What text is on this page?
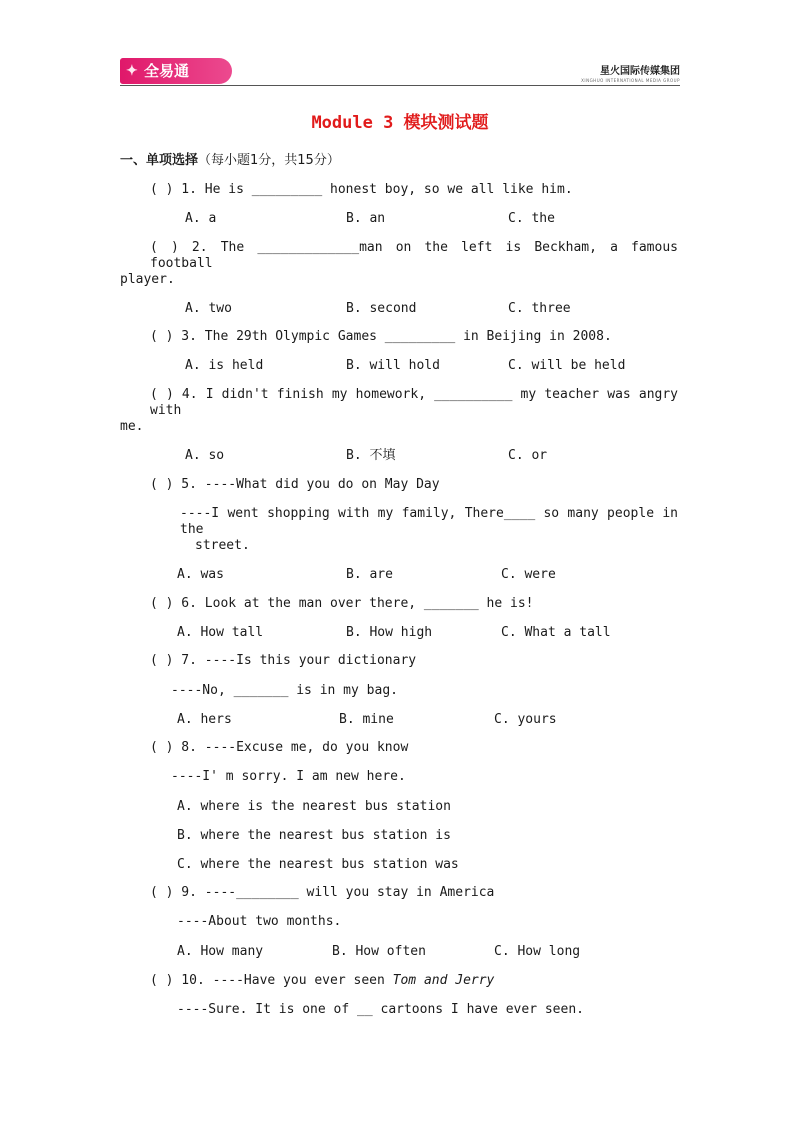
✦ 全易通	星火国际传媒集团
XINGHUO INTERNATIONAL MEDIA GROUP
Module 3 模块测试题
一、单项选择（每小题1分，共15分）
( ) 1. He is _________ honest boy, so we all like him.
A. a	B. an	C. the
( ) 2. The _____________man on the left is Beckham, a famous football
player.
A. two	B. second	C. three
( ) 3. The 29th Olympic Games _________ in Beijing in 2008.
A. is held	B. will hold	C. will be held
( ) 4. I didn't finish my homework, __________ my teacher was angry with
me.
A. so	B. 不填	C. or
( ) 5. ----What did you do on May Day
----I went shopping with my family, There____ so many people in the
street.
A. was	B. are	C. were
( ) 6. Look at the man over there, _______ he is!
A. How tall	B. How high	C. What a tall
( ) 7. ----Is this your dictionary
----No, _______ is in my bag.
A. hers	B. mine	C. yours
( ) 8. ----Excuse me, do you know
----I' m sorry. I am new here.
A. where is the nearest bus station
B. where the nearest bus station is
C. where the nearest bus station was
( ) 9. ----________ will you stay in America
----About two months.
A. How many	B. How often	C. How long
( ) 10. ----Have you ever seen Tom and Jerry
----Sure. It is one of __ cartoons I have ever seen.
